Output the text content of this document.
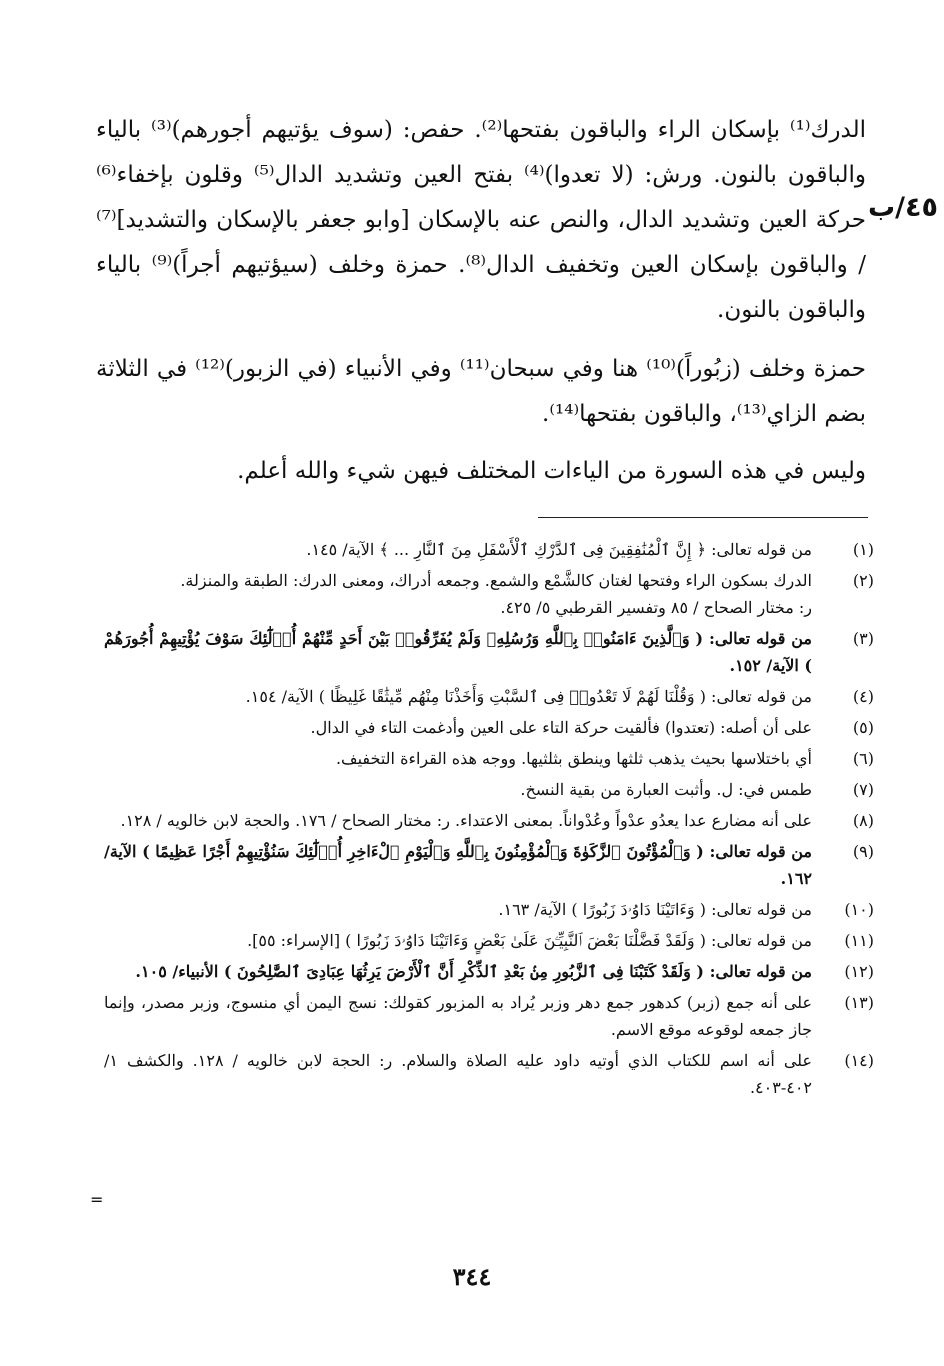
٤٥/ب

الدرك⁽¹⁾ بإسكان الراء والباقون بفتحها⁽²⁾. حفص: (سوف يؤتيهم أجورهم)⁽³⁾ بالياء والباقون بالنون. ورش: (لا تعدوا)⁽⁴⁾ بفتح العين وتشديد الدال⁽⁵⁾ وقلون بإخفاء⁽⁶⁾ حركة العين وتشديد الدال، والنص عنه بالإسكان [وابو جعفر بالإسكان والتشديد]⁽⁷⁾ / والباقون بإسكان العين وتخفيف الدال⁽⁸⁾. حمزة وخلف (سيؤتيهم أجراً)⁽⁹⁾ بالياء والباقون بالنون.

حمزة وخلف (زبُوراً)⁽¹⁰⁾ هنا وفي سبحان⁽¹¹⁾ وفي الأنبياء (في الزبور)⁽¹²⁾ في الثلاثة بضم الزاي⁽¹³⁾، والباقون بفتحها⁽¹⁴⁾.

وليس في هذه السورة من الياءات المختلف فيهن شيء والله أعلم.

(١)
من قوله تعالى: ﴿ إِنَّ ٱلْمُنَٰفِقِينَ فِى ٱلدَّرْكِ ٱلْأَسْفَلِ مِنَ ٱلنَّارِ ... ﴾ الآية/ ١٤٥.
(٢)
الدرك بسكون الراء وفتحها لغتان كالشَّمْع والشمع. وجمعه أدراك، ومعنى الدرك: الطبقة والمنزلة.
ر: مختار الصحاح / ٨٥ وتفسير القرطبي ٥/ ٤٢٥.
(٣)
من قوله تعالى: ( وَٱلَّذِينَ ءَامَنُوا۟ بِٱللَّهِ وَرُسُلِهِۦ وَلَمْ يُفَرِّقُوا۟ بَيْنَ أَحَدٍ مِّنْهُمْ أُو۟لَٰٓئِكَ سَوْفَ يُؤْتِيهِمْ أُجُورَهُمْ ) الآية/ ١٥٢.
(٤)
من قوله تعالى: ( وَقُلْنَا لَهُمْ لَا تَعْدُوا۟ فِى ٱلسَّبْتِ وَأَخَذْنَا مِنْهُم مِّيثَٰقًا غَلِيظًا ) الآية/ ١٥٤.
(٥)
على أن أصله: (تعتدوا) فألقيت حركة التاء على العين وأدغمت التاء في الدال.
(٦)
أي باختلاسها بحيث يذهب ثلثها وينطق بثلثيها. ووجه هذه القراءة التخفيف.
(٧)
طمس في: ل. وأثبت العبارة من بقية النسخ.
(٨)
على أنه مضارع عدا يعدُو عدْواً وعُدْواناً. بمعنى الاعتداء. ر: مختار الصحاح / ١٧٦. والحجة لابن خالويه / ١٢٨.
(٩)
من قوله تعالى: ( وَٱلْمُؤْتُونَ ٱلزَّكَوٰةَ وَٱلْمُؤْمِنُونَ بِٱللَّهِ وَٱلْيَوْمِ ٱلْءَاخِرِ أُو۟لَٰٓئِكَ سَنُؤْتِيهِمْ أَجْرًا عَظِيمًا ) الآية/ ١٦٢.
(١٠)
من قوله تعالى: ( وَءَاتَيْنَا دَاوُۥدَ زَبُورًا ) الآية/ ١٦٣.
(١١)
من قوله تعالى: ( وَلَقَدْ فَضَّلْنَا بَعْضَ ٱلنَّبِيِّـۧنَ عَلَىٰ بَعْضٍ وَءَاتَيْنَا دَاوُۥدَ زَبُورًا ) [الإسراء: ٥٥].
(١٢)
من قوله تعالى: ( وَلَقَدْ كَتَبْنَا فِى ٱلزَّبُورِ مِنۢ بَعْدِ ٱلذِّكْرِ أَنَّ ٱلْأَرْضَ يَرِثُهَا عِبَادِىَ ٱلصَّٰلِحُونَ ) الأنبياء/ ١٠٥.
(١٣)
على أنه جمع (زبر) كدهور جمع دهر وزبر يُراد به المزبور كقولك: نسج اليمن أي منسوج، وزبر مصدر، وإنما جاز جمعه لوقوعه موقع الاسم.
(١٤)
على أنه اسم للكتاب الذي أوتيه داود عليه الصلاة والسلام. ر: الحجة لابن خالويه / ١٢٨. والكشف ١/ ٤٠٢-٤٠٣.
=
٣٤٤
